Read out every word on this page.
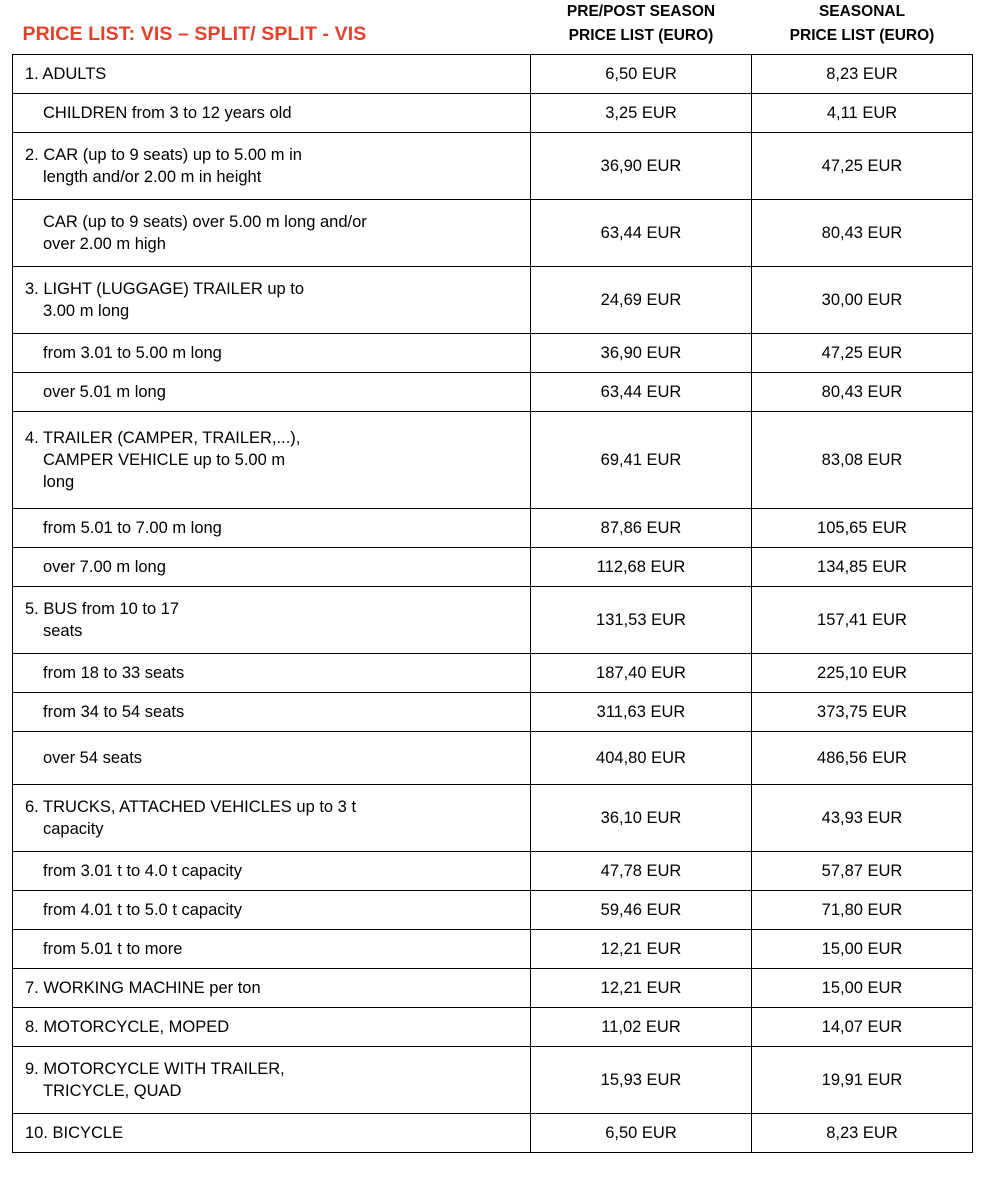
PRICE LIST: VIS – SPLIT/ SPLIT - VIS	PRE/POST SEASON
PRICE LIST (EURO)	SEASONAL
PRICE LIST (EURO)

1. ADULTS	6,50 EUR	8,23 EUR

CHILDREN from 3 to 12 years old	3,25 EUR	4,11 EUR

2. CAR (up to 9 seats) up to 5.00 m in
length and/or 2.00 m in height	36,90 EUR	47,25 EUR

CAR (up to 9 seats) over 5.00 m long and/or
over 2.00 m high	63,44 EUR	80,43 EUR

3. LIGHT (LUGGAGE) TRAILER up to
3.00 m long	24,69 EUR	30,00 EUR

from 3.01 to 5.00 m long	36,90 EUR	47,25 EUR

over 5.01 m long	63,44 EUR	80,43 EUR

4. TRAILER (CAMPER, TRAILER,...),
CAMPER VEHICLE up to 5.00 m
long	69,41 EUR	83,08 EUR

from 5.01 to 7.00 m long	87,86 EUR	105,65 EUR

over 7.00 m long	112,68 EUR	134,85 EUR

5. BUS from 10 to 17
seats	131,53 EUR	157,41 EUR

from 18 to 33 seats	187,40 EUR	225,10 EUR

from 34 to 54 seats	311,63 EUR	373,75 EUR

over 54 seats	404,80 EUR	486,56 EUR

6. TRUCKS, ATTACHED VEHICLES up to 3 t
capacity	36,10 EUR	43,93 EUR

from 3.01 t to 4.0 t capacity	47,78 EUR	57,87 EUR

from 4.01 t to 5.0 t capacity	59,46 EUR	71,80 EUR

from 5.01 t to more	12,21 EUR	15,00 EUR

7. WORKING MACHINE per ton	12,21 EUR	15,00 EUR

8. MOTORCYCLE, MOPED	11,02 EUR	14,07 EUR

9. MOTORCYCLE WITH TRAILER,
TRICYCLE, QUAD	15,93 EUR	19,91 EUR

10. BICYCLE	6,50 EUR	8,23 EUR
